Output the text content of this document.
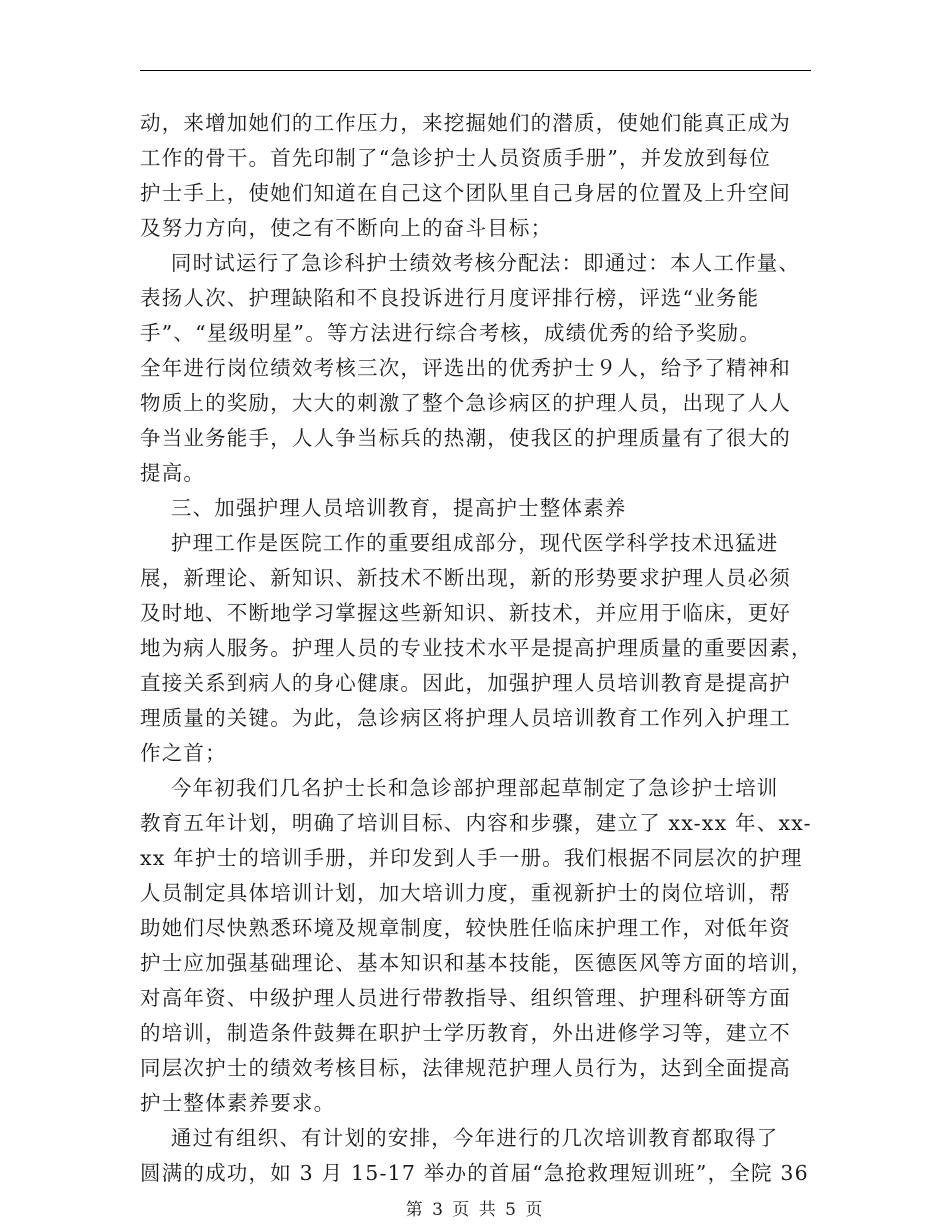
动，来增加她们的工作压力，来挖掘她们的潜质，使她们能真正成为
工作的骨干。首先印制了“急诊护士人员资质手册”，并发放到每位
护士手上，使她们知道在自己这个团队里自己身居的位置及上升空间
及努力方向，使之有不断向上的奋斗目标；
同时试运行了急诊科护士绩效考核分配法：即通过：本人工作量、
表扬人次、护理缺陷和不良投诉进行月度评排行榜，评选“业务能
手”、“星级明星”。等方法进行综合考核，成绩优秀的给予奖励。
全年进行岗位绩效考核三次，评选出的优秀护士９人，给予了精神和
物质上的奖励，大大的刺激了整个急诊病区的护理人员，出现了人人
争当业务能手，人人争当标兵的热潮，使我区的护理质量有了很大的
提高。
三、加强护理人员培训教育，提高护士整体素养
护理工作是医院工作的重要组成部分，现代医学科学技术迅猛进
展，新理论、新知识、新技术不断出现，新的形势要求护理人员必须
及时地、不断地学习掌握这些新知识、新技术，并应用于临床，更好
地为病人服务。护理人员的专业技术水平是提高护理质量的重要因素，
直接关系到病人的身心健康。因此，加强护理人员培训教育是提高护
理质量的关键。为此，急诊病区将护理人员培训教育工作列入护理工
作之首；
今年初我们几名护士长和急诊部护理部起草制定了急诊护士培训
教育五年计划，明确了培训目标、内容和步骤，建立了 xx-xx 年、xx-
xx 年护士的培训手册，并印发到人手一册。我们根据不同层次的护理
人员制定具体培训计划，加大培训力度，重视新护士的岗位培训，帮
助她们尽快熟悉环境及规章制度，较快胜任临床护理工作，对低年资
护士应加强基础理论、基本知识和基本技能，医德医风等方面的培训，
对高年资、中级护理人员进行带教指导、组织管理、护理科研等方面
的培训，制造条件鼓舞在职护士学历教育，外出进修学习等，建立不
同层次护士的绩效考核目标，法律规范护理人员行为，达到全面提高
护士整体素养要求。
通过有组织、有计划的安排，今年进行的几次培训教育都取得了
圆满的成功，如 3 月 15-17 举办的首届“急抢救理短训班”，全院 36
第 3 页 共 5 页
